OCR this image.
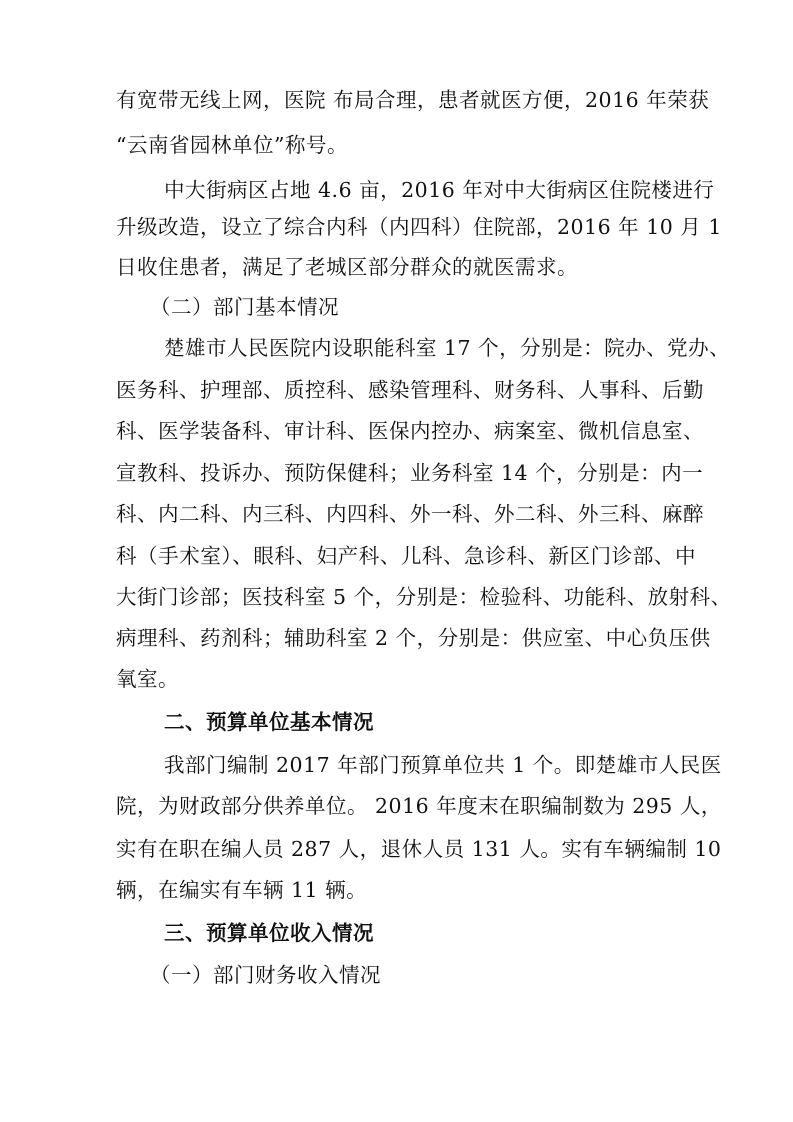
有宽带无线上网，医院 布局合理，患者就医方便，2016 年荣获
“云南省园林单位”称号。
中大街病区占地 4.6 亩，2016 年对中大街病区住院楼进行
升级改造，设立了综合内科（内四科）住院部，2016 年 10 月 1
日收住患者，满足了老城区部分群众的就医需求。
（二）部门基本情况
楚雄市人民医院内设职能科室 17 个，分别是：院办、党办、
医务科、护理部、质控科、感染管理科、财务科、人事科、后勤
科、医学装备科、审计科、医保内控办、病案室、微机信息室、
宣教科、投诉办、预防保健科；业务科室 14 个，分别是：内一
科、内二科、内三科、内四科、外一科、外二科、外三科、麻醉
科（手术室）、眼科、妇产科、儿科、急诊科、新区门诊部、中
大街门诊部；医技科室 5 个，分别是：检验科、功能科、放射科、
病理科、药剂科；辅助科室 2 个，分别是：供应室、中心负压供
氧室。
二、预算单位基本情况
我部门编制 2017 年部门预算单位共 1 个。即楚雄市人民医
院，为财政部分供养单位。 2016 年度末在职编制数为 295 人，
实有在职在编人员 287 人，退休人员 131 人。实有车辆编制 10
辆，在编实有车辆 11 辆。
三、预算单位收入情况
（一）部门财务收入情况
